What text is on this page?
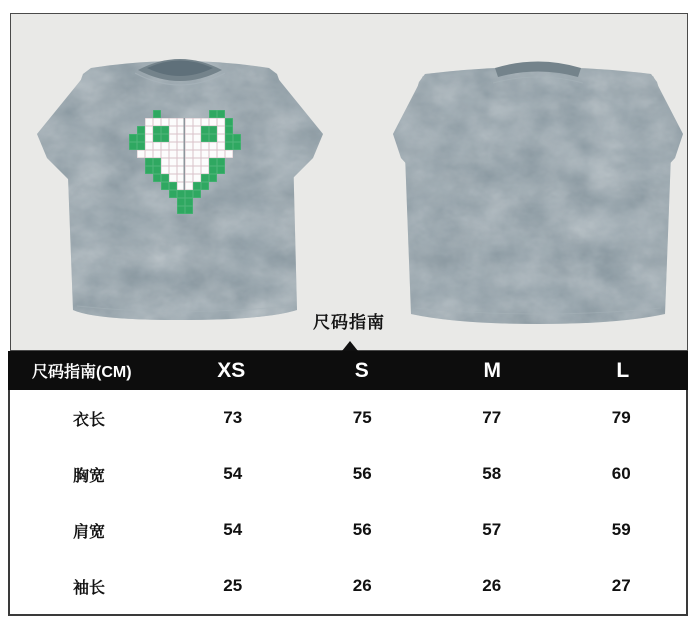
尺码指南
尺码指南(CM)	XS	S	M	L
衣长	73	75	77	79
胸宽	54	56	58	60
肩宽	54	56	57	59
袖长	25	26	26	27
